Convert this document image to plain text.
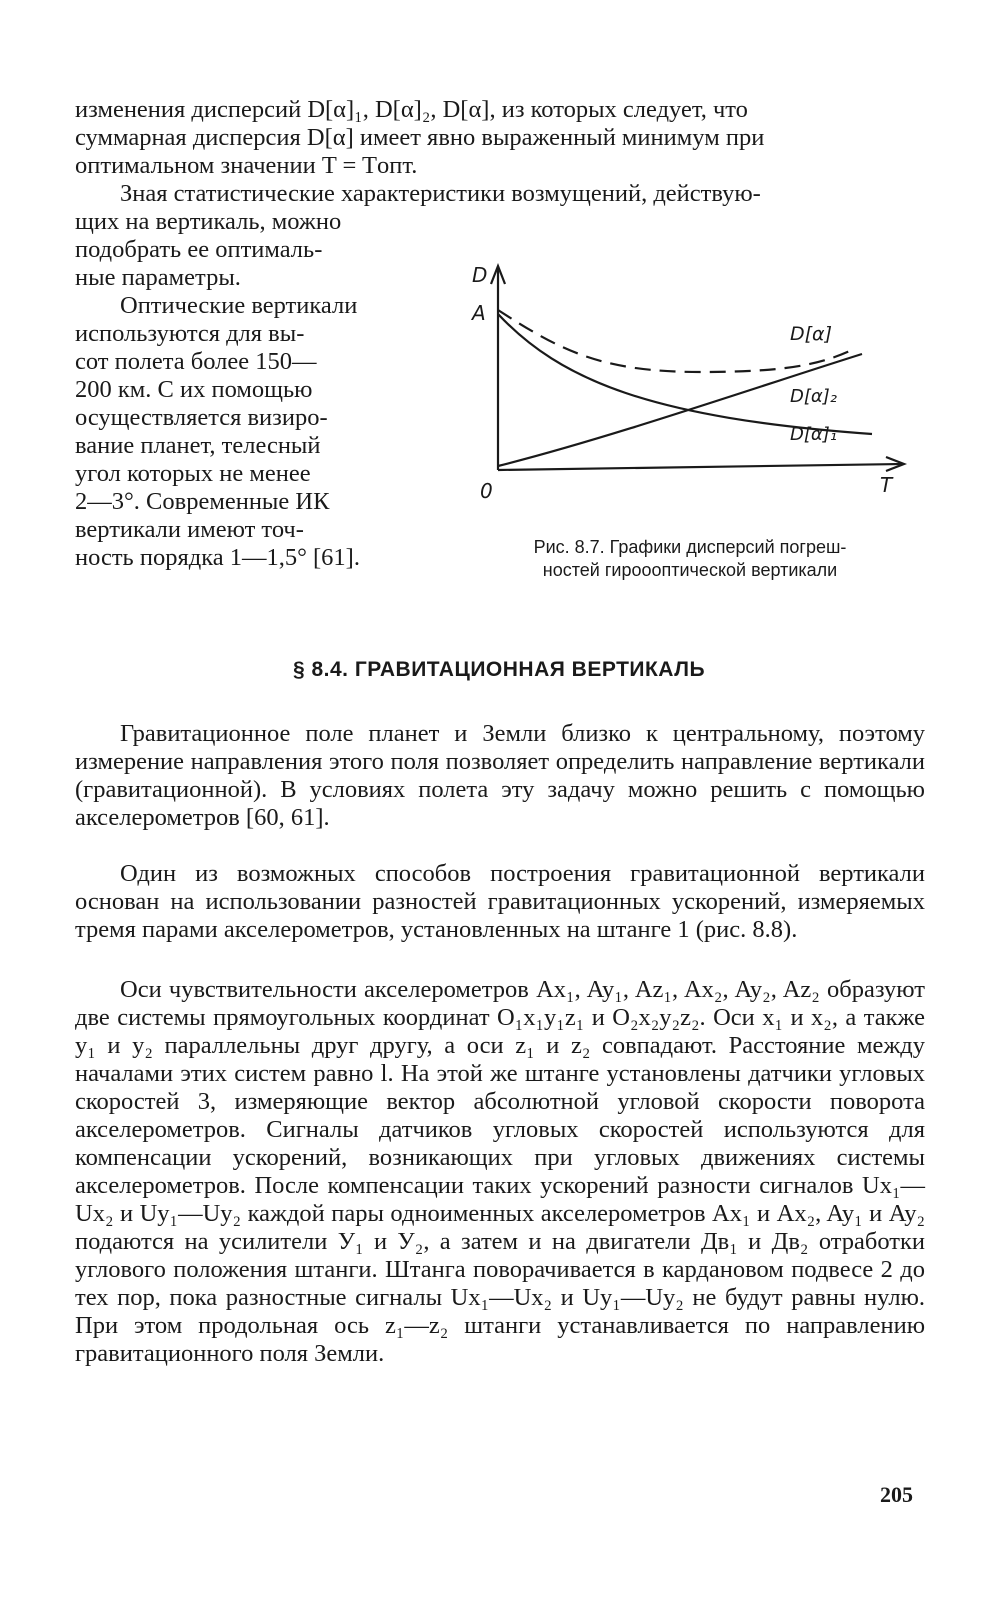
изменения дисперсий D[α]₁, D[α]₂, D[α], из которых следует, что

суммарная дисперсия D[α] имеет явно выраженный минимум при

оптимальном значении T = Tопт.

Зная статистические характеристики возмущений, действую-

щих на вертикаль, можно

подобрать ее оптималь-

ные параметры.

Оптические вертикали

используются для вы-

сот полета более 150—

200 км. С их помощью

осуществляется визиро-

вание планет, телесный

угол которых не менее

2—3°. Современные ИК

вертикали имеют точ-

ность порядка 1—1,5° [61].

D
A
0	T
D[α]
D[α]₂
D[α]₁
Рис. 8.7. Графики дисперсий погреш-
ностей гироооптической вертикали

§ 8.4. ГРАВИТАЦИОННАЯ ВЕРТИКАЛЬ

Гравитационное поле планет и Земли близко к центральному, поэтому измерение направления этого поля позволяет определить направление вертикали (гравитационной). В условиях полета эту задачу можно решить с помощью акселерометров [60, 61].

Один из возможных способов построения гравитационной вертикали основан на использовании разностей гравитационных ускорений, измеряемых тремя парами акселерометров, установленных на штанге 1 (рис. 8.8).

Оси чувствительности акселерометров Ax₁, Ay₁, Az₁, Ax₂, Ay₂, Az₂ образуют две системы прямоугольных координат O₁x₁y₁z₁ и O₂x₂y₂z₂. Оси x₁ и x₂, а также y₁ и y₂ параллельны друг другу, а оси z₁ и z₂ совпадают. Расстояние между началами этих систем равно l. На этой же штанге установлены датчики угловых скоростей 3, измеряющие вектор абсолютной угловой скорости поворота акселерометров. Сигналы датчиков угловых скоростей используются для компенсации ускорений, возникающих при угловых движениях системы акселерометров. После компенсации таких ускорений разности сигналов Ux₁—Ux₂ и Uy₁—Uy₂ каждой пары одноименных акселерометров Ax₁ и Ax₂, Ay₁ и Ay₂ подаются на усилители У₁ и У₂, а затем и на двигатели Дв₁ и Дв₂ отработки углового положения штанги. Штанга поворачивается в кардановом подвесе 2 до тех пор, пока разностные сигналы Ux₁—Ux₂ и Uy₁—Uy₂ не будут равны нулю. При этом продольная ось z₁—z₂ штанги устанавливается по направлению гравитационного поля Земли.

205
